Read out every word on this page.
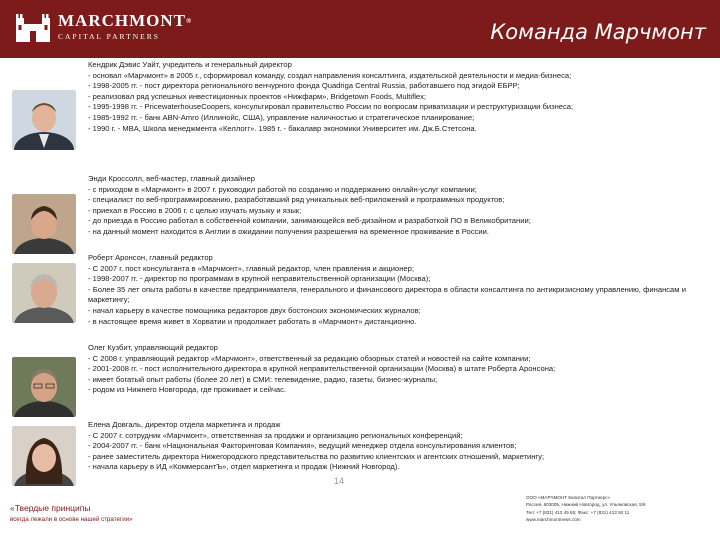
MARCHMONT®
CAPITAL PARTNERS	Команда Марчмонт
Кендрик Дэвис Уайт, учредитель и генеральный директор
- основал «Марчмонт» в 2005 г., сформировал команду, создал направления консалтинга, издательской деятельности и медиа-бизнеса;
- 1998-2005 гг. - пост директора регионального венчурного фонда Quadriga Central Russia, работавшего под эгидой ЕБРР;
- реализовал ряд успешных инвестиционных проектов «Нижфарм», Bridgetown Foods, Multiflex;
- 1995-1998 гг. - PricewaterhouseCoopers, консультировал правительство России по вопросам приватизации и реструктуризации бизнеса;
- 1985-1992 гг. - банк ABN-Amro (Иллинойс, США), управление наличностью и стратегическое планирование;
- 1990 г. - MBA, Школа менеджмента «Келлогг». 1985 г. - бакалавр экономики Университет им. Дж.Б.Стетсона.
Энди Кроссолл, веб-мастер, главный дизайнер
- с приходом в «Марчмонт» в 2007 г. руководил работой по созданию и поддержанию онлайн-услуг компании;
- специалист по веб-программированию, разработавший ряд уникальных веб-приложений и программных продуктов;
- приехал в Россию в 2006 г. с целью изучать музыку и язык;
- до приезда в Россию работал в собственной компании, занимающейся веб-дизайном и разработкой ПО в Великобритании;
- на данный момент находится в Англии в ожидании получения разрешения на временное проживание в России.
Роберт Аронсон, главный редактор
- С 2007 г. пост консультанта в «Марчмонт», главный редактор, член правления и акционер;
- 1998-2007 гг. - директор по программам в крупной неправительственной организации (Москва);
- Более 35 лет опыта работы в качестве предпринимателя, генерального и финансового директора в области консалтинга по антикризисному управлению, финансам и маркетингу;
- начал карьеру в качестве помощника редакторов двух бостонских экономических журналов;
- в настоящее время живет в Хорватии и продолжает работать в «Марчмонт» дистанционно.
Олег Кузбит, управляющий редактор
- С 2008 г. управляющий редактор «Марчмонт», ответственный за редакцию обзорных статей и новостей на сайте компании;
- 2001-2008 гг. - пост исполнительного директора в крупной неправительственной организации (Москва) в штате Роберта Аронсона;
- имеет богатый опыт работы (более 20 лет) в СМИ: телевидение, радио, газеты, бизнес-журналы;
- родом из Нижнего Новгорода, где проживает и сейчас.
Елена Довгаль, директор отдела маркетинга и продаж
- С 2007 г. сотрудник «Марчмонт», ответственная за продажи и организацию региональных конференций;
- 2004-2007 гг. - банк «Национальная Факторинговая Компания», ведущий менеджер отдела консультирования клиентов;
- ранее заместитель директора Нижегородского представительства по развитию клиентских и агентских отношений, маркетингу;
- начала карьеру в ИД «КоммерсантЪ», отдел маркетинга и продаж (Нижний Новгород).
14
«Твердые принципы
всегда лежали в основе нашей стратегии»
ООО «МАРЧМОНТ Капитал Партнерс»
Россия, 603005, Нижний Новгород, ул. Ульяновская, 5/6
Тел: +7 (831) 413 45 65; Факс: +7 (831) 413 50 11
www.marchmontnews.com
